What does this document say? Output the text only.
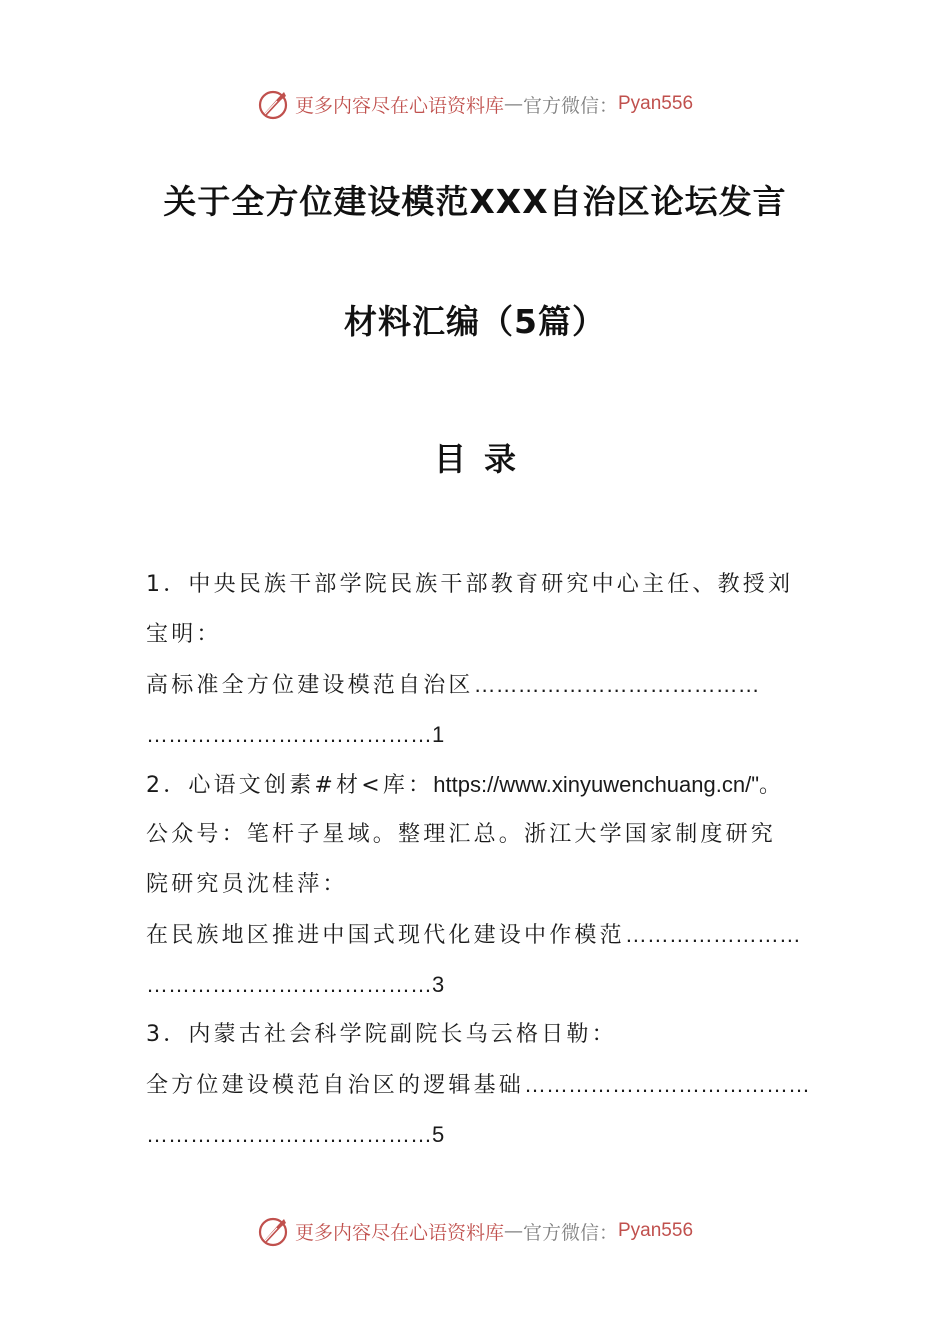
更多内容尽在心语资料库 — 官方微信： Pyan556
关于全方位建设模范XXX自治区论坛发言
材料汇编（5篇）
目录
1．中央民族干部学院民族干部教育研究中心主任、教授刘
宝明：
高标准全方位建设模范自治区…………………………………
…………………………………1
2．心语文创素#材<库：https://www.xinyuwenchuang.cn/"。
公众号：笔杆子星域。整理汇总。浙江大学国家制度研究
院研究员沈桂萍：
在民族地区推进中国式现代化建设中作模范……………………
…………………………………3
3．内蒙古社会科学院副院长乌云格日勒：
全方位建设模范自治区的逻辑基础…………………………………
…………………………………5
更多内容尽在心语资料库 — 官方微信： Pyan556
